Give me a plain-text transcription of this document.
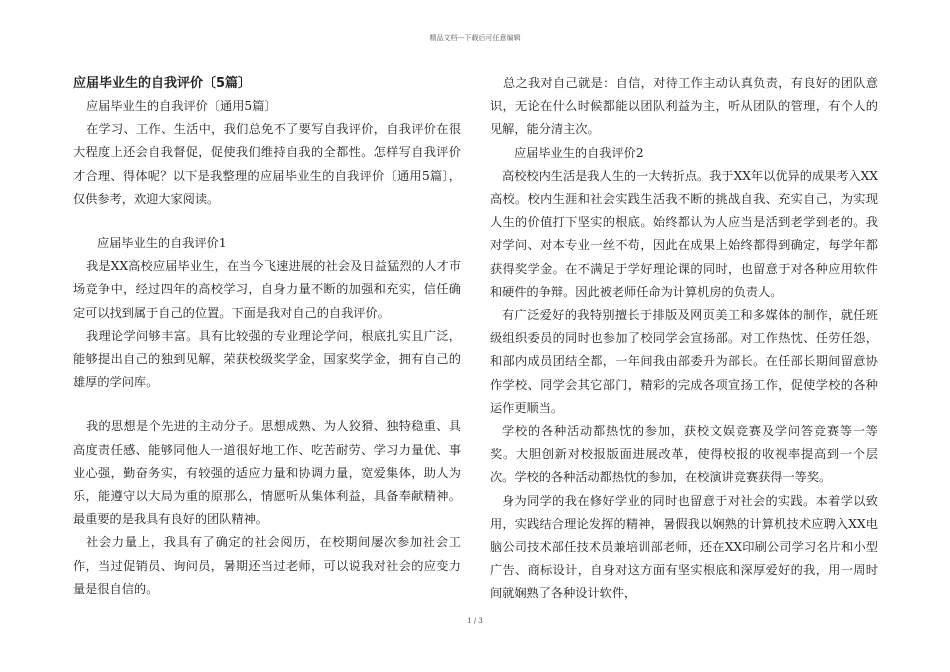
精品文档---下载后可任意编辑
应届毕业生的自我评价〔5篇〕

应届毕业生的自我评价〔通用5篇〕

在学习、工作、生活中，我们总免不了要写自我评价，自我评价在很大程度上还会自我督促，促使我们维持自我的全都性。怎样写自我评价才合理、得体呢？以下是我整理的应届毕业生的自我评价〔通用5篇〕，仅供参考，欢迎大家阅读。

应届毕业生的自我评价1

我是XX高校应届毕业生，在当今飞速进展的社会及日益猛烈的人才市场竞争中，经过四年的高校学习，自身力量不断的加强和充实，信任确定可以找到属于自己的位置。下面是我对自己的自我评价。

我理论学问够丰富。具有比较强的专业理论学问，根底扎实且广泛，能够提出自己的独到见解，荣获校级奖学金，国家奖学金，拥有自己的雄厚的学问库。

我的思想是个先进的主动分子。思想成熟、为人狡猾、独特稳重、具高度责任感、能够同他人一道很好地工作、吃苦耐劳、学习力量优、事业心强，勤奋务实，有较强的适应力量和协调力量，宽爱集体，助人为乐，能遵守以大局为重的原那么，情愿听从集体利益，具备奉献精神。最重要的是我具有良好的团队精神。

社会力量上，我具有了确定的社会阅历，在校期间屡次参加社会工作，当过促销员、询问员，暑期还当过老师，可以说我对社会的应变力量是很自信的。

总之我对自己就是：自信，对待工作主动认真负责，有良好的团队意识，无论在什么时候都能以团队利益为主，听从团队的管理，有个人的见解，能分清主次。

应届毕业生的自我评价2

高校校内生活是我人生的一大转折点。我于XX年以优异的成果考入XX高校。校内生涯和社会实践生活我不断的挑战自我、充实自己，为实现人生的价值打下坚实的根底。始终都认为人应当是活到老学到老的。我对学问、对本专业一丝不苟，因此在成果上始终都得到确定，每学年都获得奖学金。在不满足于学好理论课的同时，也留意于对各种应用软件和硬件的争辩。因此被老师任命为计算机房的负责人。

有广泛爱好的我特别擅长于排版及网页美工和多媒体的制作，就任班级组织委员的同时也参加了校同学会宣扬部。对工作热忱、任劳任怨，和部内成员团结全都，一年间我由部委升为部长。在任部长期间留意协作学校、同学会其它部门，精彩的完成各项宣扬工作，促使学校的各种运作更顺当。

学校的各种活动都热忱的参加，获校文娱竞赛及学问答竞赛等一等奖。大胆创新对校报版面进展改革，使得校报的收视率提高到一个层次。学校的各种活动都热忱的参加，在校演讲竞赛获得一等奖。

身为同学的我在修好学业的同时也留意于对社会的实践。本着学以致用，实践结合理论发挥的精神，暑假我以娴熟的计算机技术应聘入XX电脑公司技术部任技术员兼培训部老师，还在XX印刷公司学习名片和小型广告、商标设计，自身对这方面有坚实根底和深厚爱好的我，用一周时间就娴熟了各种设计软件，

1 / 3
